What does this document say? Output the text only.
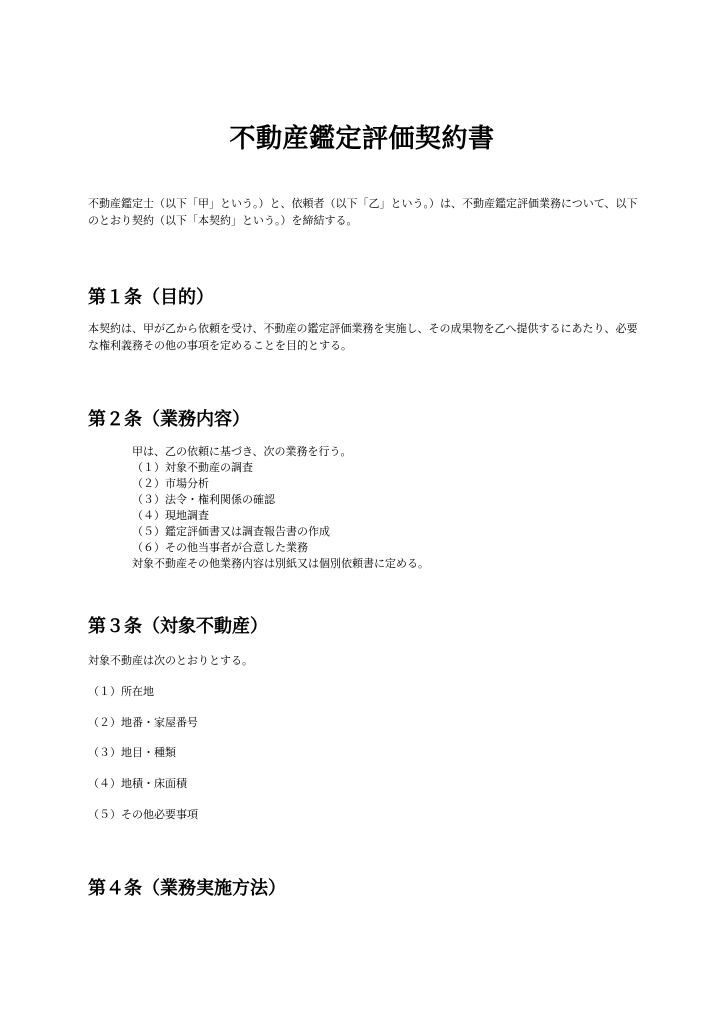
不動産鑑定評価契約書

不動産鑑定士（以下「甲」という。）と、依頼者（以下「乙」という。）は、不動産鑑定評価業務について、以下のとおり契約（以下「本契約」という。）を締結する。

第１条（目的）

本契約は、甲が乙から依頼を受け、不動産の鑑定評価業務を実施し、その成果物を乙へ提供するにあたり、必要な権利義務その他の事項を定めることを目的とする。

第２条（業務内容）
甲は、乙の依頼に基づき、次の業務を行う。
（１）対象不動産の調査
（２）市場分析
（３）法令・権利関係の確認
（４）現地調査
（５）鑑定評価書又は調査報告書の作成
（６）その他当事者が合意した業務
対象不動産その他業務内容は別紙又は個別依頼書に定める。
第３条（対象不動産）

対象不動産は次のとおりとする。

（１）所在地

（２）地番・家屋番号

（３）地目・種類

（４）地積・床面積

（５）その他必要事項

第４条（業務実施方法）
